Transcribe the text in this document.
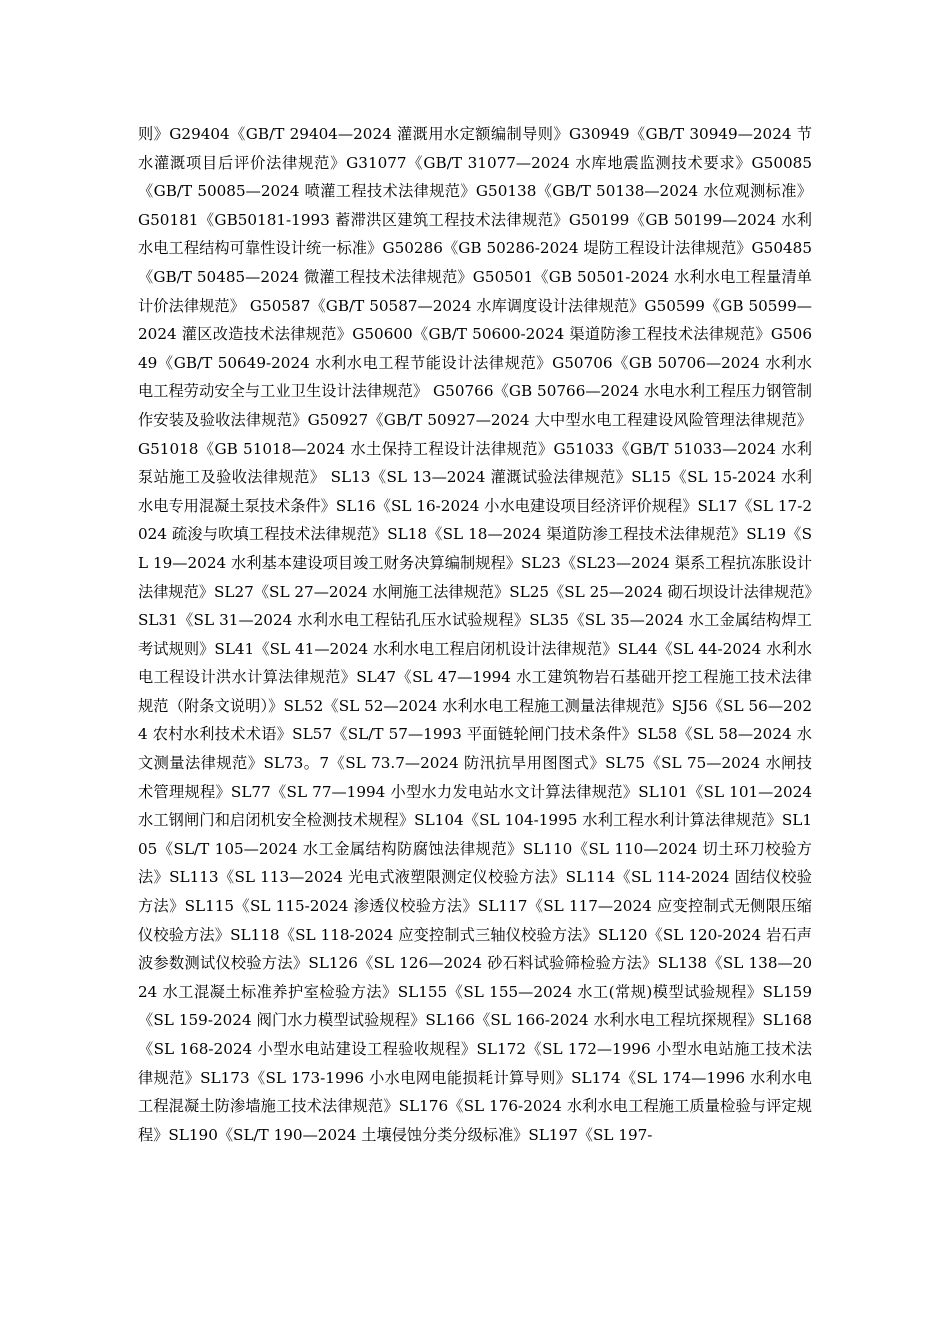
则》G29404《GB/T 29404—2024 灌溉用水定额编制导则》G30949《GB/T 30949—2024 节水灌溉项目后评价法律规范》G31077《GB/T 31077—2024 水库地震监测技术要求》G50085《GB/T 50085—2024 喷灌工程技术法律规范》G50138《GB/T 50138—2024 水位观测标准》 G50181《GB50181-1993 蓄滞洪区建筑工程技术法律规范》G50199《GB 50199—2024 水利水电工程结构可靠性设计统一标准》G50286《GB 50286-2024 堤防工程设计法律规范》G50485《GB/T 50485—2024 微灌工程技术法律规范》G50501《GB 50501-2024 水利水电工程量清单计价法律规范》 G50587《GB/T 50587—2024 水库调度设计法律规范》G50599《GB 50599—2024 灌区改造技术法律规范》G50600《GB/T 50600-2024 渠道防渗工程技术法律规范》G50649《GB/T 50649-2024 水利水电工程节能设计法律规范》G50706《GB 50706—2024 水利水电工程劳动安全与工业卫生设计法律规范》 G50766《GB 50766—2024 水电水利工程压力钢管制作安装及验收法律规范》G50927《GB/T 50927—2024 大中型水电工程建设风险管理法律规范》 G51018《GB 51018—2024 水土保持工程设计法律规范》G51033《GB/T 51033—2024 水利泵站施工及验收法律规范》 SL13《SL 13—2024 灌溉试验法律规范》SL15《SL 15-2024 水利水电专用混凝土泵技术条件》SL16《SL 16-2024 小水电建设项目经济评价规程》SL17《SL 17-2024 疏浚与吹填工程技术法律规范》SL18《SL 18—2024 渠道防渗工程技术法律规范》SL19《SL 19—2024 水利基本建设项目竣工财务决算编制规程》SL23《SL23—2024 渠系工程抗冻胀设计法律规范》SL27《SL 27—2024 水闸施工法律规范》SL25《SL 25—2024 砌石坝设计法律规范》SL31《SL 31—2024 水利水电工程钻孔压水试验规程》SL35《SL 35—2024 水工金属结构焊工考试规则》SL41《SL 41—2024 水利水电工程启闭机设计法律规范》SL44《SL 44-2024 水利水电工程设计洪水计算法律规范》SL47《SL 47—1994 水工建筑物岩石基础开挖工程施工技术法律规范（附条文说明）》SL52《SL 52—2024 水利水电工程施工测量法律规范》SJ56《SL 56—2024 农村水利技术术语》SL57《SL/T 57—1993 平面链轮闸门技术条件》SL58《SL 58—2024 水文测量法律规范》SL73。7《SL 73.7—2024 防汛抗旱用图图式》SL75《SL 75—2024 水闸技术管理规程》SL77《SL 77—1994 小型水力发电站水文计算法律规范》SL101《SL 101—2024 水工钢闸门和启闭机安全检测技术规程》SL104《SL 104-1995 水利工程水利计算法律规范》SL105《SL/T 105—2024 水工金属结构防腐蚀法律规范》SL110《SL 110—2024 切土环刀校验方法》SL113《SL 113—2024 光电式液塑限测定仪校验方法》SL114《SL 114-2024 固结仪校验方法》SL115《SL 115-2024 渗透仪校验方法》SL117《SL 117—2024 应变控制式无侧限压缩仪校验方法》SL118《SL 118-2024 应变控制式三轴仪校验方法》SL120《SL 120-2024 岩石声波参数测试仪校验方法》SL126《SL 126—2024 砂石料试验筛检验方法》SL138《SL 138—2024 水工混凝土标准养护室检验方法》SL155《SL 155—2024 水工(常规)模型试验规程》SL159《SL 159-2024 阀门水力模型试验规程》SL166《SL 166-2024 水利水电工程坑探规程》SL168《SL 168-2024 小型水电站建设工程验收规程》SL172《SL 172—1996 小型水电站施工技术法律规范》SL173《SL 173-1996 小水电网电能损耗计算导则》SL174《SL 174—1996 水利水电工程混凝土防渗墙施工技术法律规范》SL176《SL 176-2024 水利水电工程施工质量检验与评定规程》SL190《SL/T 190—2024 土壤侵蚀分类分级标准》SL197《SL 197-
